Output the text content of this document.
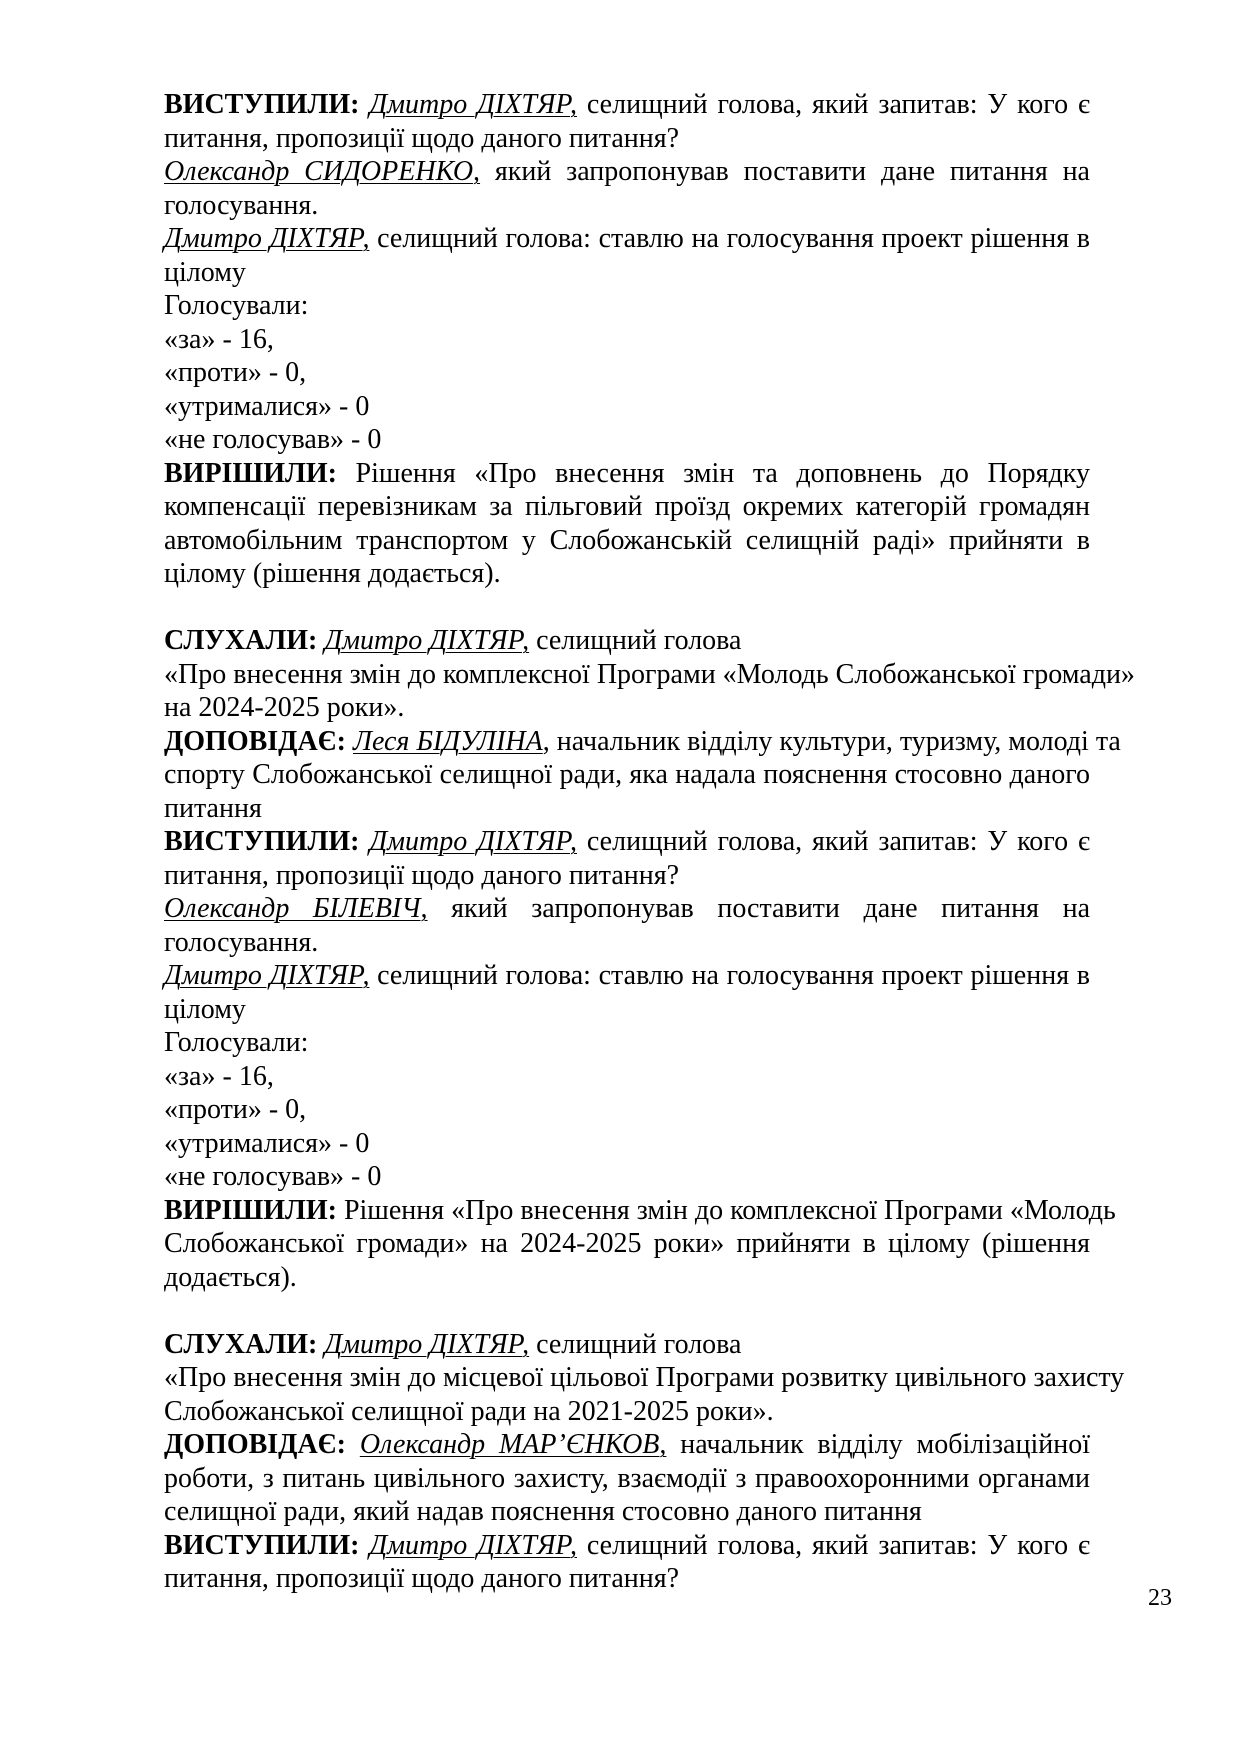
ВИСТУПИЛИ: Дмитро ДІХТЯР, селищний голова, який запитав: У кого є
питання, пропозиції щодо даного питання?
Олександр СИДОРЕНКО, який запропонував поставити дане питання на
голосування.
Дмитро ДІХТЯР, селищний голова: ставлю на голосування проект рішення в
цілому
Голосували:
«за» - 16,
«проти» - 0,
«утрималися» - 0
«не голосував» - 0
ВИРІШИЛИ: Рішення «Про внесення змін та доповнень до Порядку
компенсації перевізникам за пільговий проїзд окремих категорій громадян
автомобільним транспортом у Слобожанській селищній раді» прийняти в
цілому (рішення додається).
СЛУХАЛИ: Дмитро ДІХТЯР, селищний голова
«Про внесення змін до комплексної Програми «Молодь Слобожанської громади»
на 2024-2025 роки».
ДОПОВІДАЄ: Леся БІДУЛІНА, начальник відділу культури, туризму, молоді та
спорту Слобожанської селищної ради, яка надала пояснення стосовно даного
питання
ВИСТУПИЛИ: Дмитро ДІХТЯР, селищний голова, який запитав: У кого є
питання, пропозиції щодо даного питання?
Олександр БІЛЕВІЧ, який запропонував поставити дане питання на
голосування.
Дмитро ДІХТЯР, селищний голова: ставлю на голосування проект рішення в
цілому
Голосували:
«за» - 16,
«проти» - 0,
«утрималися» - 0
«не голосував» - 0
ВИРІШИЛИ: Рішення «Про внесення змін до комплексної Програми «Молодь
Слобожанської громади» на 2024-2025 роки» прийняти в цілому (рішення
додається).
СЛУХАЛИ: Дмитро ДІХТЯР, селищний голова
«Про внесення змін до місцевої цільової Програми розвитку цивільного захисту
Слобожанської селищної ради на 2021-2025 роки».
ДОПОВІДАЄ: Олександр МАР’ЄНКОВ, начальник відділу мобілізаційної
роботи, з питань цивільного захисту, взаємодії з правоохоронними органами
селищної ради, який надав пояснення стосовно даного питання
ВИСТУПИЛИ: Дмитро ДІХТЯР, селищний голова, який запитав: У кого є
питання, пропозиції щодо даного питання?
23
